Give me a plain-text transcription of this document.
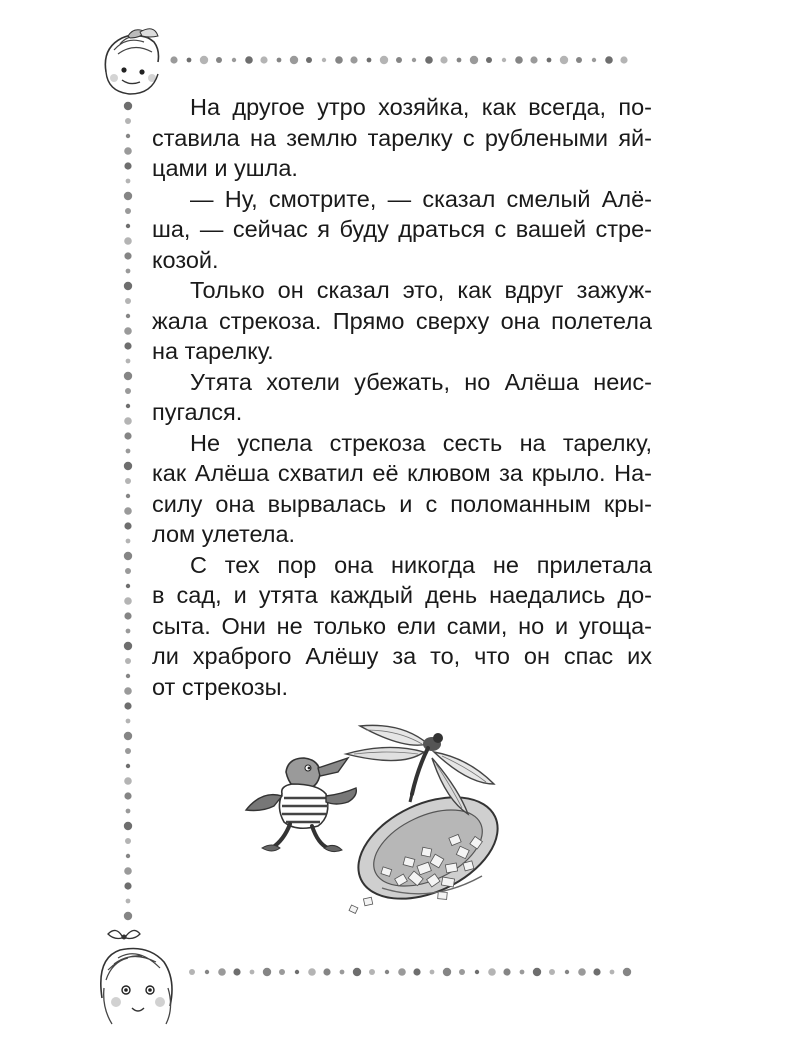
На другое утро хозяйка, как всегда, по-
ставила на землю тарелку с рублеными яй-
цами и ушла.
— Ну, смотрите, — сказал смелый Алё-
ша, — сейчас я буду драться с вашей стре-
козой.
Только он сказал это, как вдруг зажуж-
жала стрекоза. Прямо сверху она полетела
на тарелку.
Утята хотели убежать, но Алёша неис-
пугался.
Не успела стрекоза сесть на тарелку,
как Алёша схватил её клювом за крыло. На-
силу она вырвалась и с поломанным кры-
лом улетела.
С тех пор она никогда не прилетала
в сад, и утята каждый день наедались до-
сыта. Они не только ели сами, но и угоща-
ли храброго Алёшу за то, что он спас их
от стрекозы.
